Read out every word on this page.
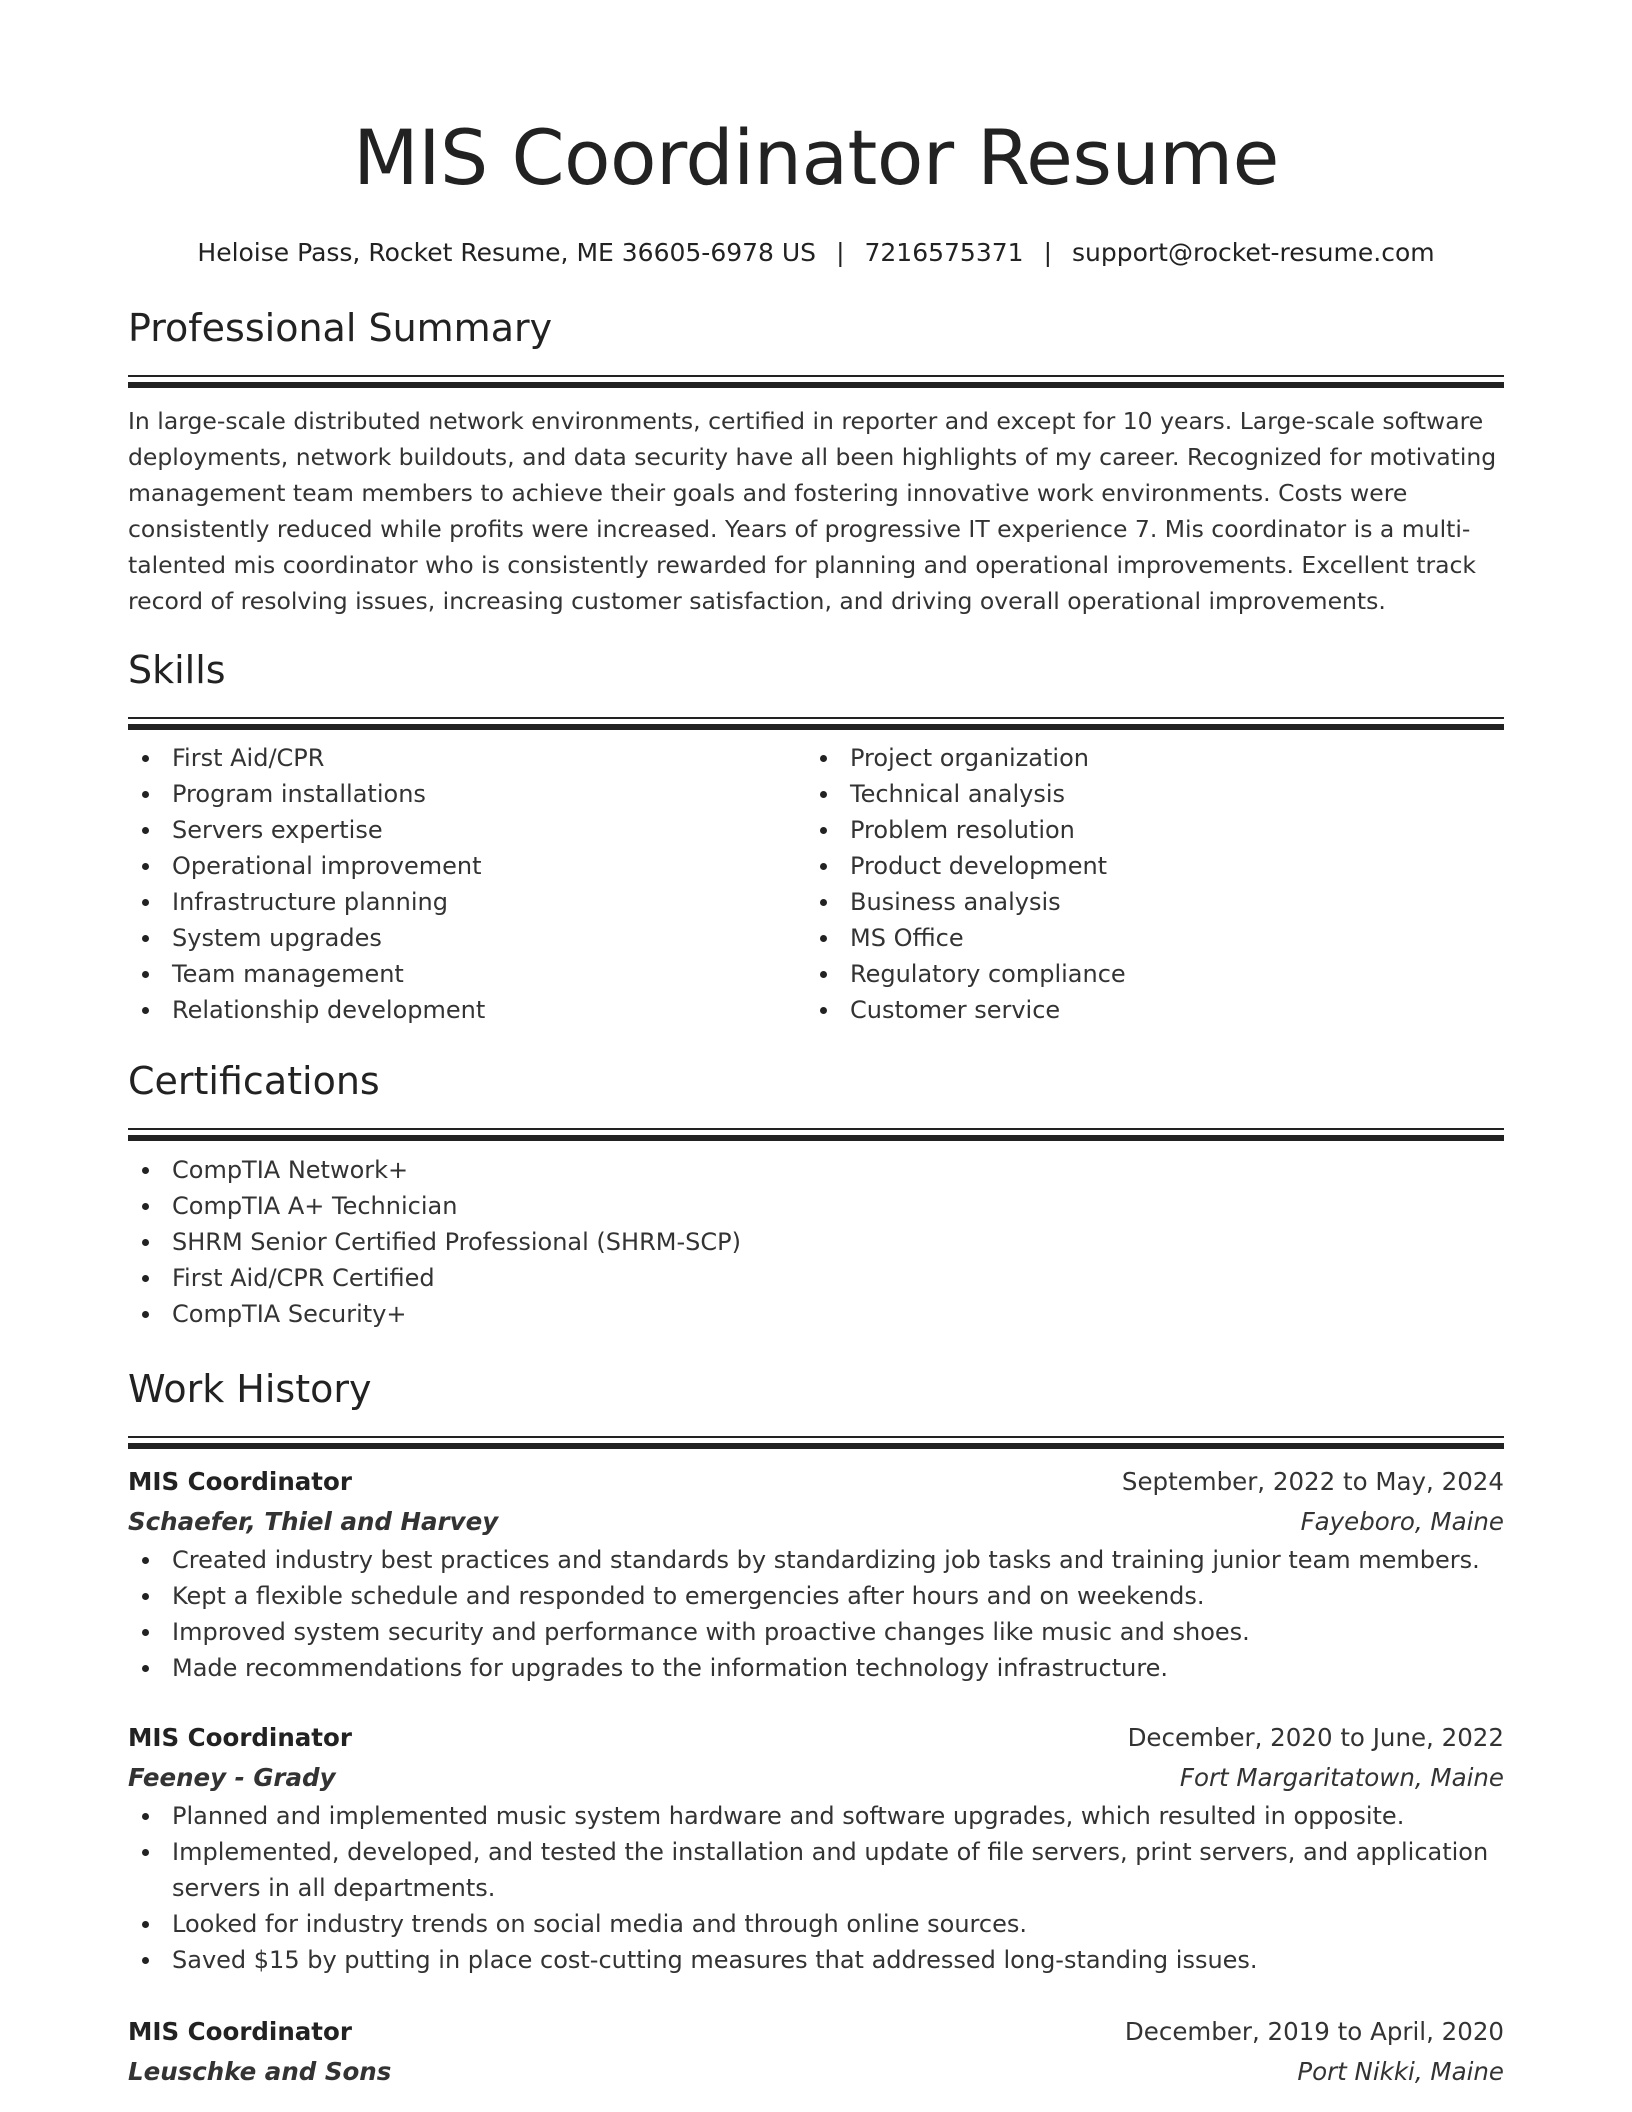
MIS Coordinator Resume
Heloise Pass, Rocket Resume, ME 36605-6978 US | 7216575371 | support@rocket-resume.com
Professional Summary

In large-scale distributed network environments, certified in reporter and except for 10 years. Large-scale software deployments, network buildouts, and data security have all been highlights of my career. Recognized for motivating management team members to achieve their goals and fostering innovative work environments. Costs were consistently reduced while profits were increased. Years of progressive IT experience 7. Mis coordinator is a multi-talented mis coordinator who is consistently rewarded for planning and operational improvements. Excellent track record of resolving issues, increasing customer satisfaction, and driving overall operational improvements.

Skills
First Aid/CPR
Program installations
Servers expertise
Operational improvement
Infrastructure planning
System upgrades
Team management
Relationship development
Project organization
Technical analysis
Problem resolution
Product development
Business analysis
MS Office
Regulatory compliance
Customer service
Certifications
CompTIA Network+
CompTIA A+ Technician
SHRM Senior Certified Professional (SHRM-SCP)
First Aid/CPR Certified
CompTIA Security+
Work History
MIS Coordinator	September, 2022 to May, 2024
Schaefer, Thiel and Harvey	Fayeboro, Maine
Created industry best practices and standards by standardizing job tasks and training junior team members.
Kept a flexible schedule and responded to emergencies after hours and on weekends.
Improved system security and performance with proactive changes like music and shoes.
Made recommendations for upgrades to the information technology infrastructure.
MIS Coordinator	December, 2020 to June, 2022
Feeney - Grady	Fort Margaritatown, Maine
Planned and implemented music system hardware and software upgrades, which resulted in opposite.
Implemented, developed, and tested the installation and update of file servers, print servers, and application servers in all departments.
Looked for industry trends on social media and through online sources.
Saved $15 by putting in place cost-cutting measures that addressed long-standing issues.
MIS Coordinator	December, 2019 to April, 2020
Leuschke and Sons	Port Nikki, Maine
